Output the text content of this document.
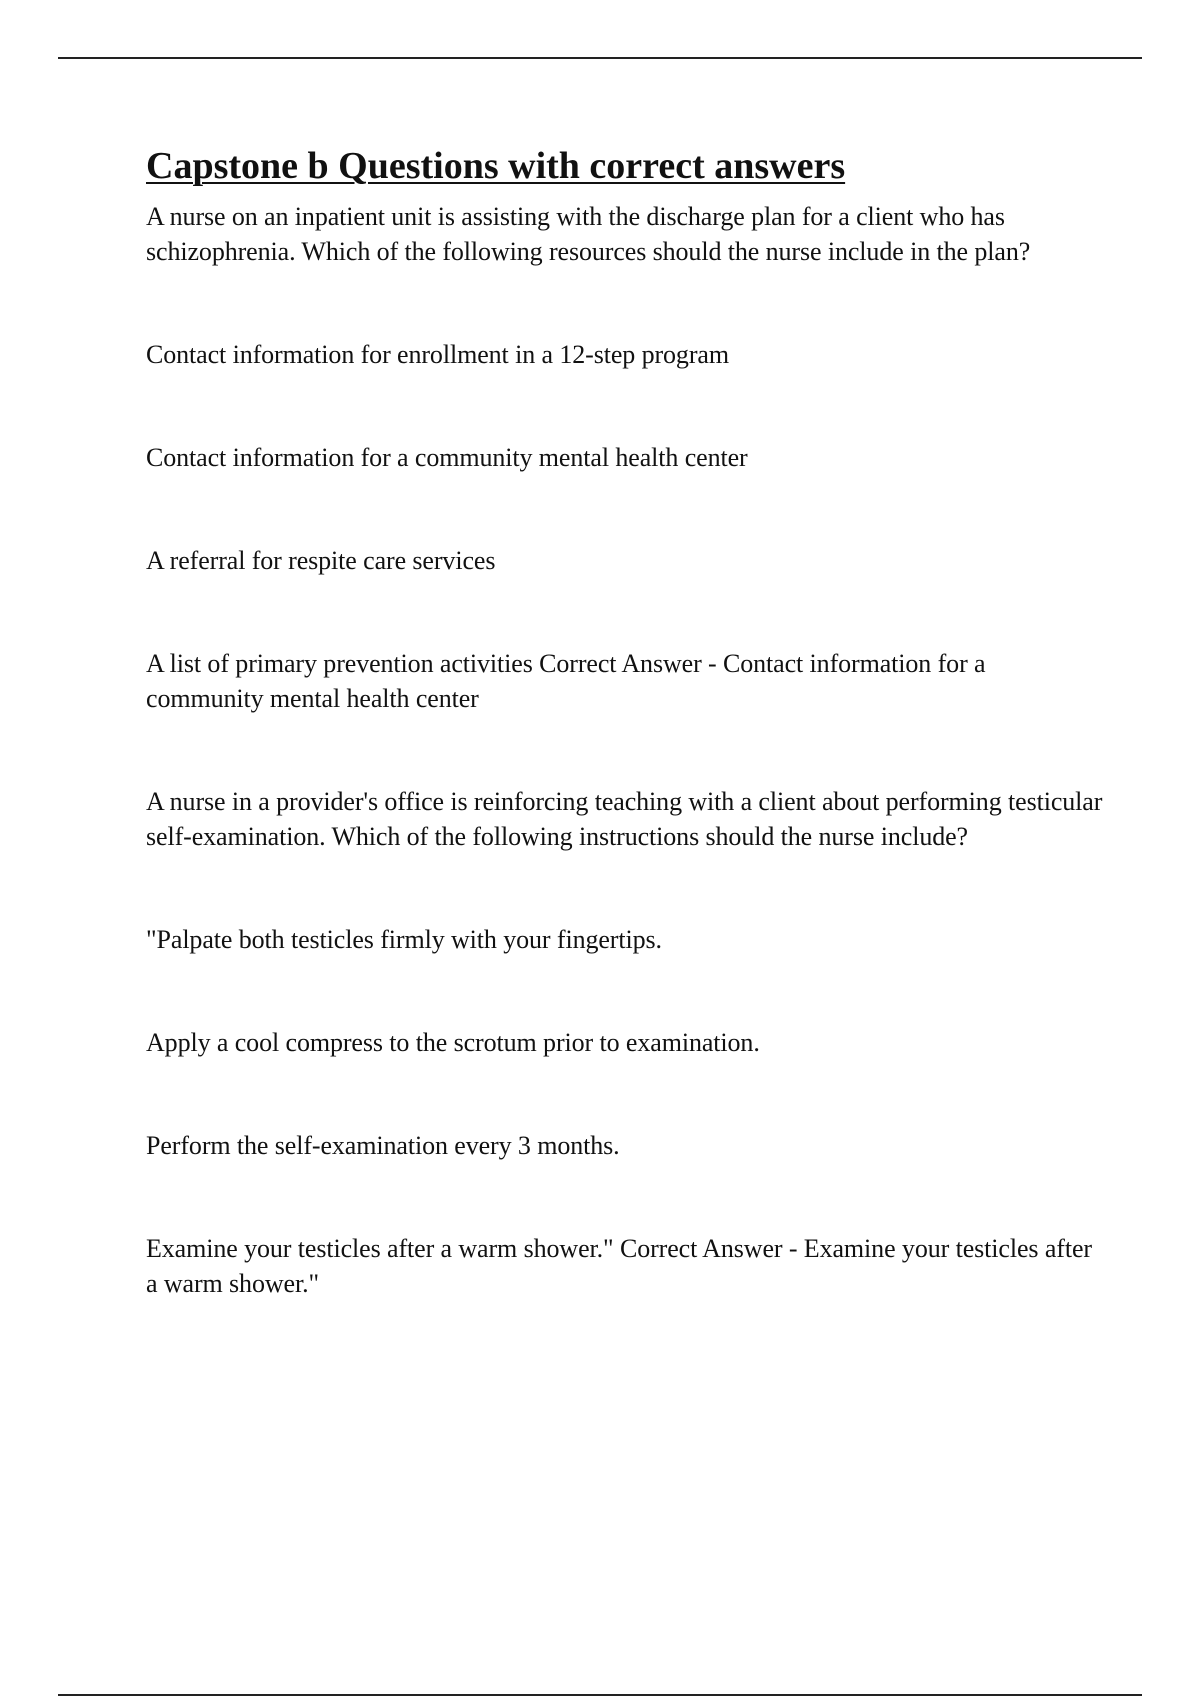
Capstone b Questions with correct answers

A nurse on an inpatient unit is assisting with the discharge plan for a client who has schizophrenia. Which of the following resources should the nurse include in the plan?

Contact information for enrollment in a 12-step program

Contact information for a community mental health center

A referral for respite care services

A list of primary prevention activities Correct Answer - Contact information for a community mental health center

A nurse in a provider's office is reinforcing teaching with a client about performing testicular self-examination. Which of the following instructions should the nurse include?

"Palpate both testicles firmly with your fingertips.

Apply a cool compress to the scrotum prior to examination.

Perform the self-examination every 3 months.

Examine your testicles after a warm shower." Correct Answer - Examine your testicles after a warm shower."
